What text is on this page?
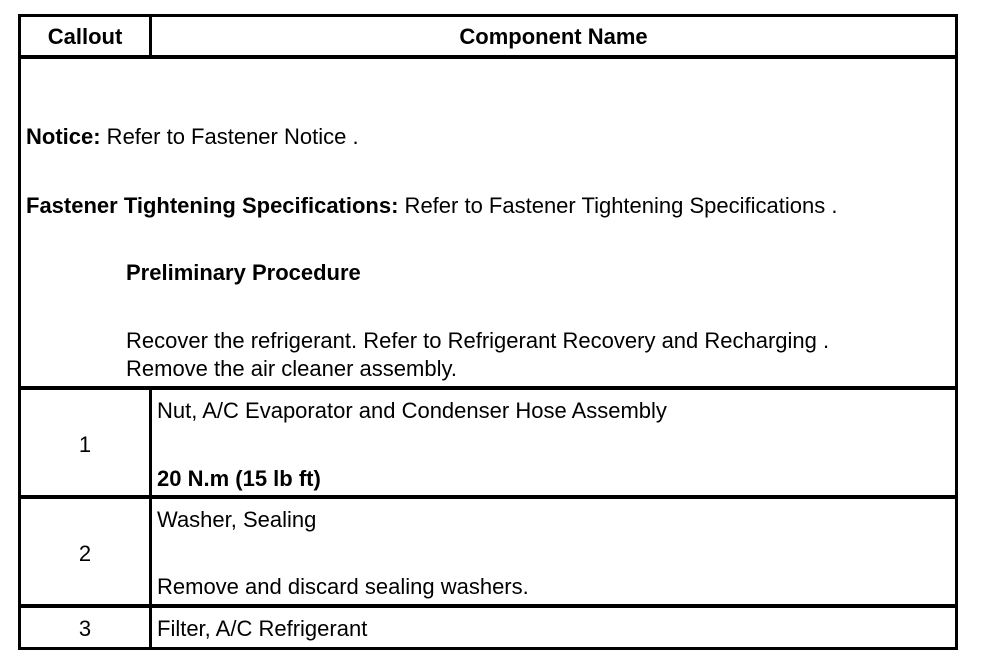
Callout	Component Name
Notice: Refer to Fastener Notice .
Fastener Tightening Specifications: Refer to Fastener Tightening Specifications .
Preliminary Procedure
Recover the refrigerant. Refer to Refrigerant Recovery and Recharging .
Remove the air cleaner assembly.
1
Nut, A/C Evaporator and Condenser Hose Assembly
20 N.m (15 lb ft)
2
Washer, Sealing
Remove and discard sealing washers.
3	Filter, A/C Refrigerant
